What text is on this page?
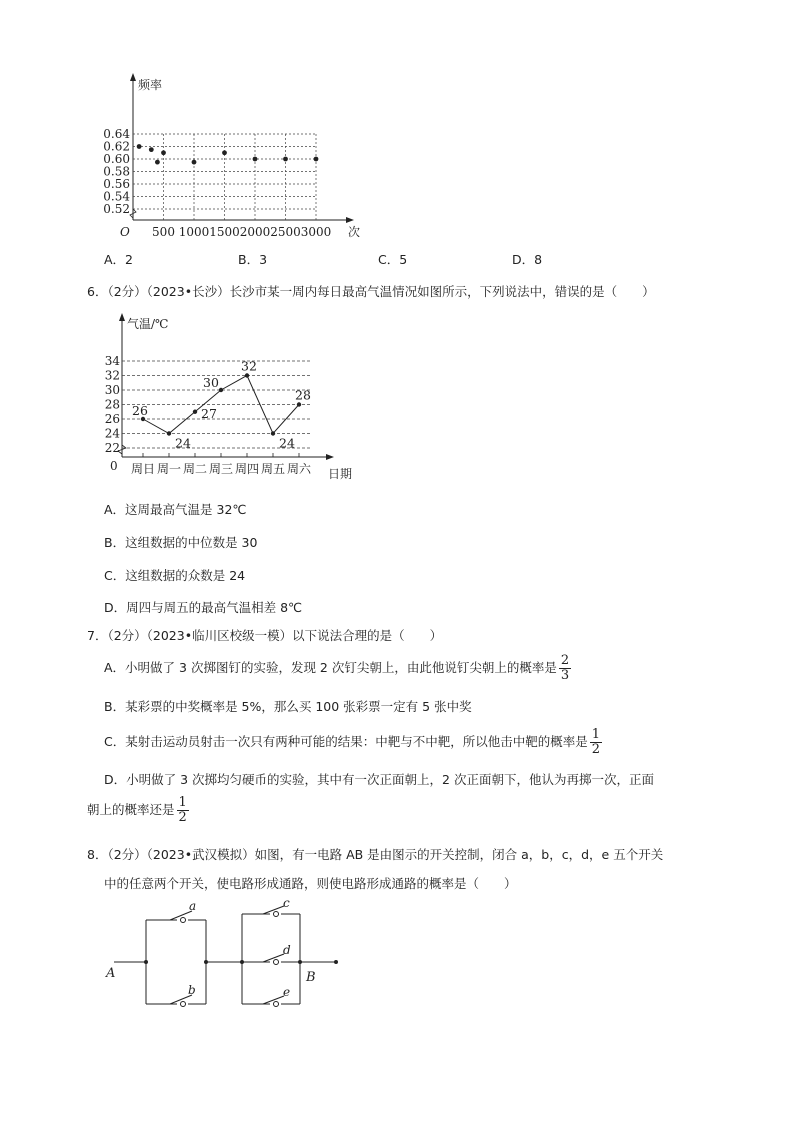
频率
次
O
0.64
0.62
0.60
0.58
0.56
0.54
0.52
500 1000 1500 2000 2500 3000
A．2	B．3	C．5	D．8
6．（2分）（2023•长沙）长沙市某一周内每日最高气温情况如图所示，下列说法中，错误的是（　　）
气温/℃
日期
0
34
32
30
28
26
24
22
周日 周一 周二 周三 周四 周五 周六
26
24
27
30
32
24
28
A．这周最高气温是 32℃
B．这组数据的中位数是 30
C．这组数据的众数是 24
D．周四与周五的最高气温相差 8℃
7．（2分）（2023•临川区校级一模）以下说法合理的是（　　）
A．小明做了 3 次掷图钉的实验，发现 2 次钉尖朝上，由此他说钉尖朝上的概率是 $\frac{2}{3}$
B．某彩票的中奖概率是 5%，那么买 100 张彩票一定有 5 张中奖
C．某射击运动员射击一次只有两种可能的结果：中靶与不中靶，所以他击中靶的概率是 $\frac{1}{2}$
D．小明做了 3 次掷均匀硬币的实验，其中有一次正面朝上，2 次正面朝下，他认为再掷一次，正面
朝上的概率还是 $\frac{1}{2}$
8．（2分）（2023•武汉模拟）如图，有一电路 AB 是由图示的开关控制，闭合 a，b，c，d，e 五个开关
中的任意两个开关，使电路形成通路，则使电路形成通路的概率是（　　）
A	B
a
b
c
d
e
